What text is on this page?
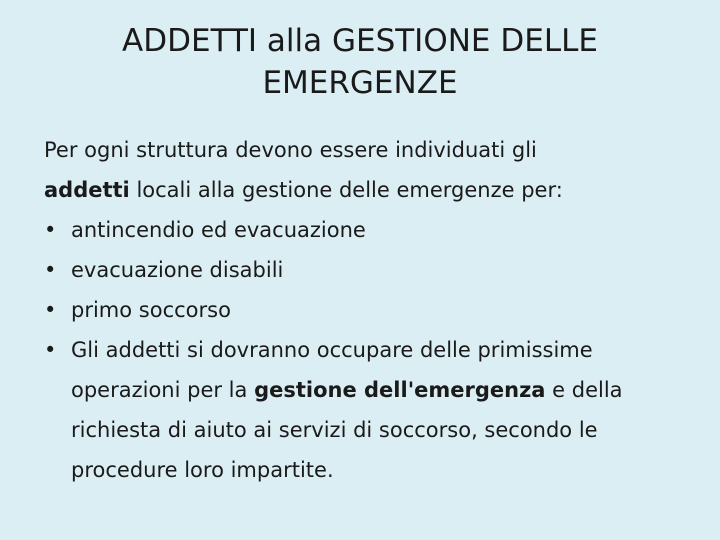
ADDETTI alla GESTIONE DELLE
EMERGENZE

Per ogni struttura devono essere individuati gli
addetti locali alla gestione delle emergenze per:

• antincendio ed evacuazione
• evacuazione disabili
• primo soccorso
• Gli addetti si dovranno occupare delle primissime operazioni per la gestione dell'emergenza e della richiesta di aiuto ai servizi di soccorso, secondo le procedure loro impartite.
